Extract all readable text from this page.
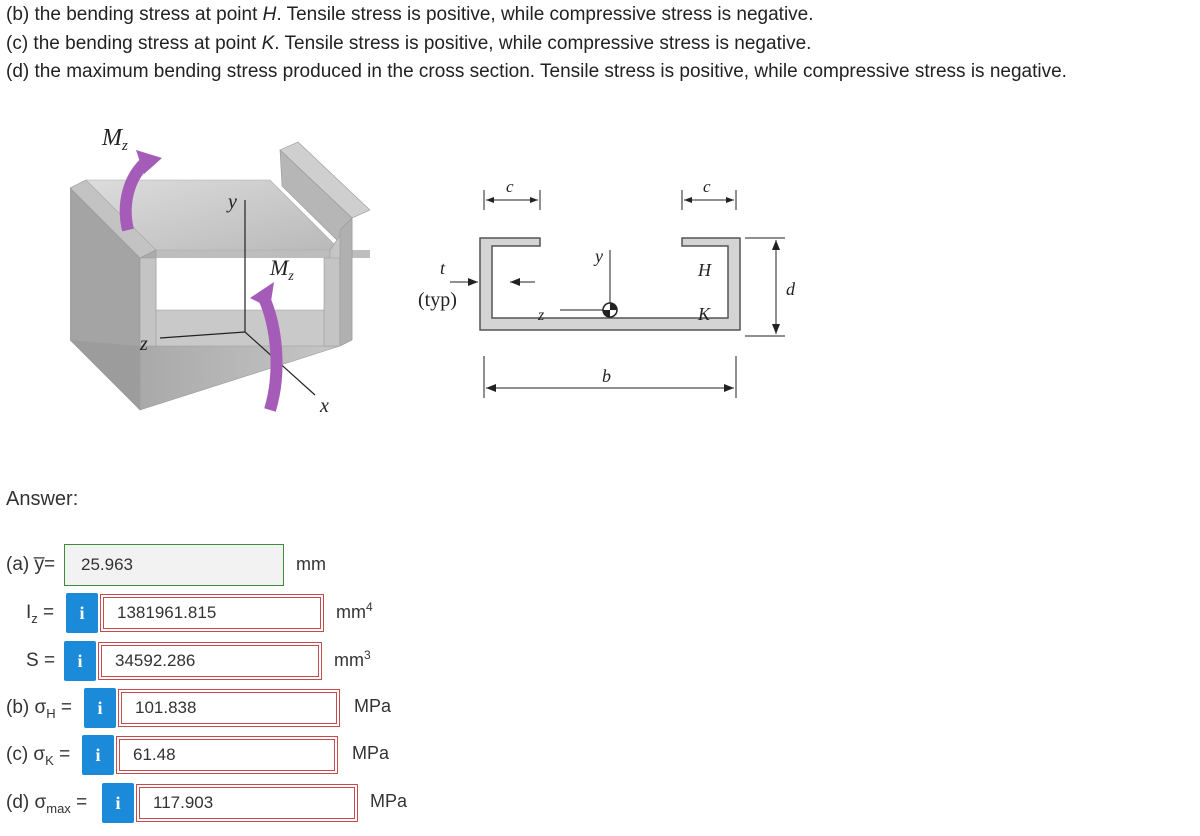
(b) the bending stress at point H. Tensile stress is positive, while compressive stress is negative.
(c) the bending stress at point K. Tensile stress is positive, while compressive stress is negative.
(d) the maximum bending stress produced in the cross section. Tensile stress is positive, while compressive stress is negative.
$M_z$
$M_z$
y
z
x
c	c
t
(typ)
y
z
H
K
d
b
Answer:
(a) y̅= 25.963	mm
$I_z$ =	i	1381961.815	$mm^4$
S =	i	34592.286	$mm^3$
(b) $\sigma_H$ =	i	101.838	MPa
(c) $\sigma_K$ =	i	61.48	MPa
(d) $\sigma_{max}$ =	i	117.903	MPa
